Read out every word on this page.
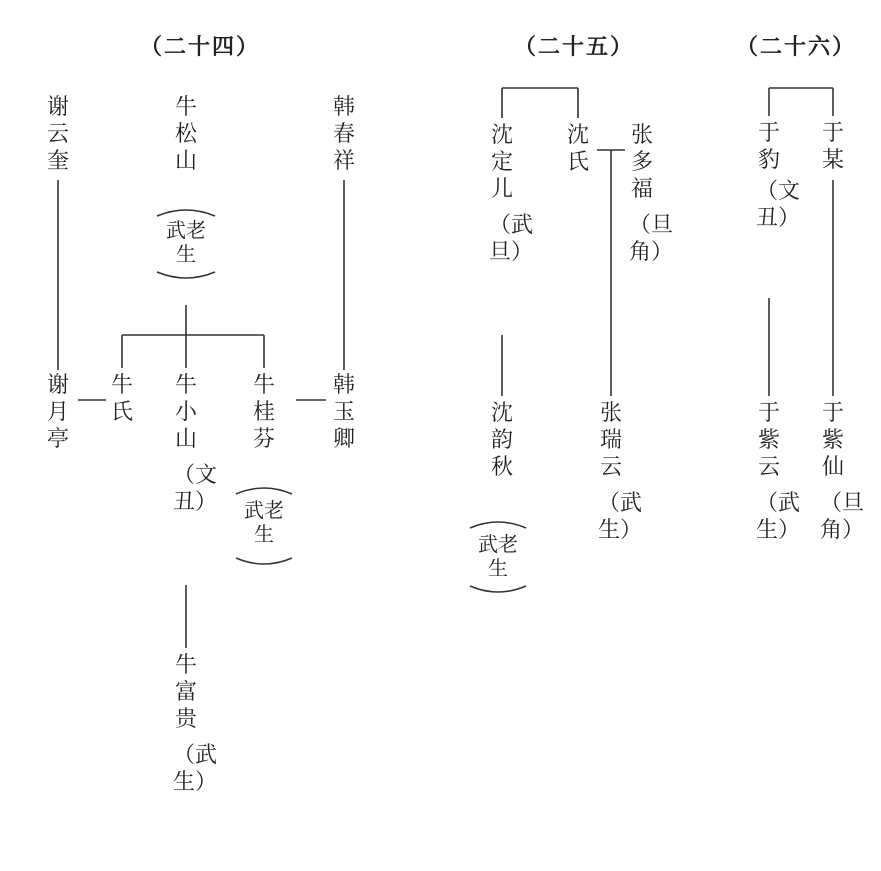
（二十四）	（二十五）	（二十六）
谢云奎
牛松山
武老生
韩春祥
谢月亭
牛氏
牛小山
（文丑）
牛桂芬
武老生
韩玉卿
牛富贵
（武生）
沈定儿
（武旦）
沈氏
张多福
（旦角）
沈韵秋
武老生
张瑞云
（武生）
于豹
（文丑）
于某
于紫云
（武生）
于紫仙
（旦角）
